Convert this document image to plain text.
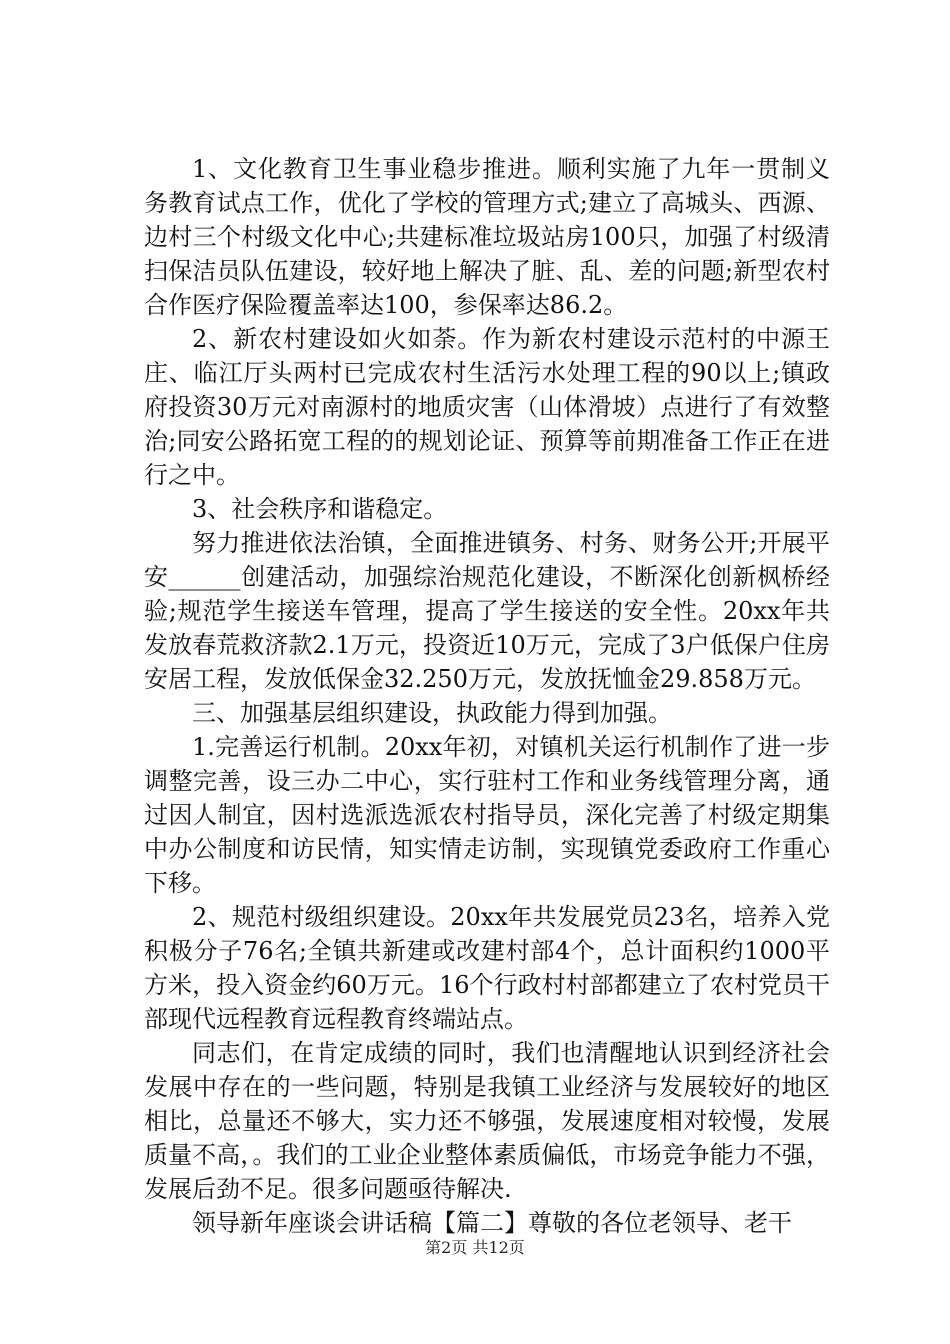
1、文化教育卫生事业稳步推进。顺利实施了九年一贯制义务教育试点工作，优化了学校的管理方式;建立了高城头、西源、边村三个村级文化中心;共建标准垃圾站房100只，加强了村级清扫保洁员队伍建设，较好地上解决了脏、乱、差的问题;新型农村合作医疗保险覆盖率达100，参保率达86.2。

2、新农村建设如火如荼。作为新农村建设示范村的中源王庄、临江厅头两村已完成农村生活污水处理工程的90以上;镇政府投资30万元对南源村的地质灾害（山体滑坡）点进行了有效整治;同安公路拓宽工程的的规划论证、预算等前期准备工作正在进行之中。

3、社会秩序和谐稳定。

努力推进依法治镇，全面推进镇务、村务、财务公开;开展平安______创建活动，加强综治规范化建设，不断深化创新枫桥经验;规范学生接送车管理，提高了学生接送的安全性。20xx年共发放春荒救济款2.1万元，投资近10万元，完成了3户低保户住房安居工程，发放低保金32.250万元，发放抚恤金29.858万元。

三、加强基层组织建设，执政能力得到加强。

1.完善运行机制。20xx年初，对镇机关运行机制作了进一步调整完善，设三办二中心，实行驻村工作和业务线管理分离，通过因人制宜，因村选派选派农村指导员，深化完善了村级定期集中办公制度和访民情，知实情走访制，实现镇党委政府工作重心下移。

2、规范村级组织建设。20xx年共发展党员23名，培养入党积极分子76名;全镇共新建或改建村部4个，总计面积约1000平方米，投入资金约60万元。16个行政村村部都建立了农村党员干部现代远程教育远程教育终端站点。

同志们，在肯定成绩的同时，我们也清醒地认识到经济社会发展中存在的一些问题，特别是我镇工业经济与发展较好的地区相比，总量还不够大，实力还不够强，发展速度相对较慢，发展质量不高，。我们的工业企业整体素质偏低，市场竞争能力不强，发展后劲不足。很多问题亟待解决.

领导新年座谈会讲话稿【篇二】尊敬的各位老领导、老干

第2页 共12页
